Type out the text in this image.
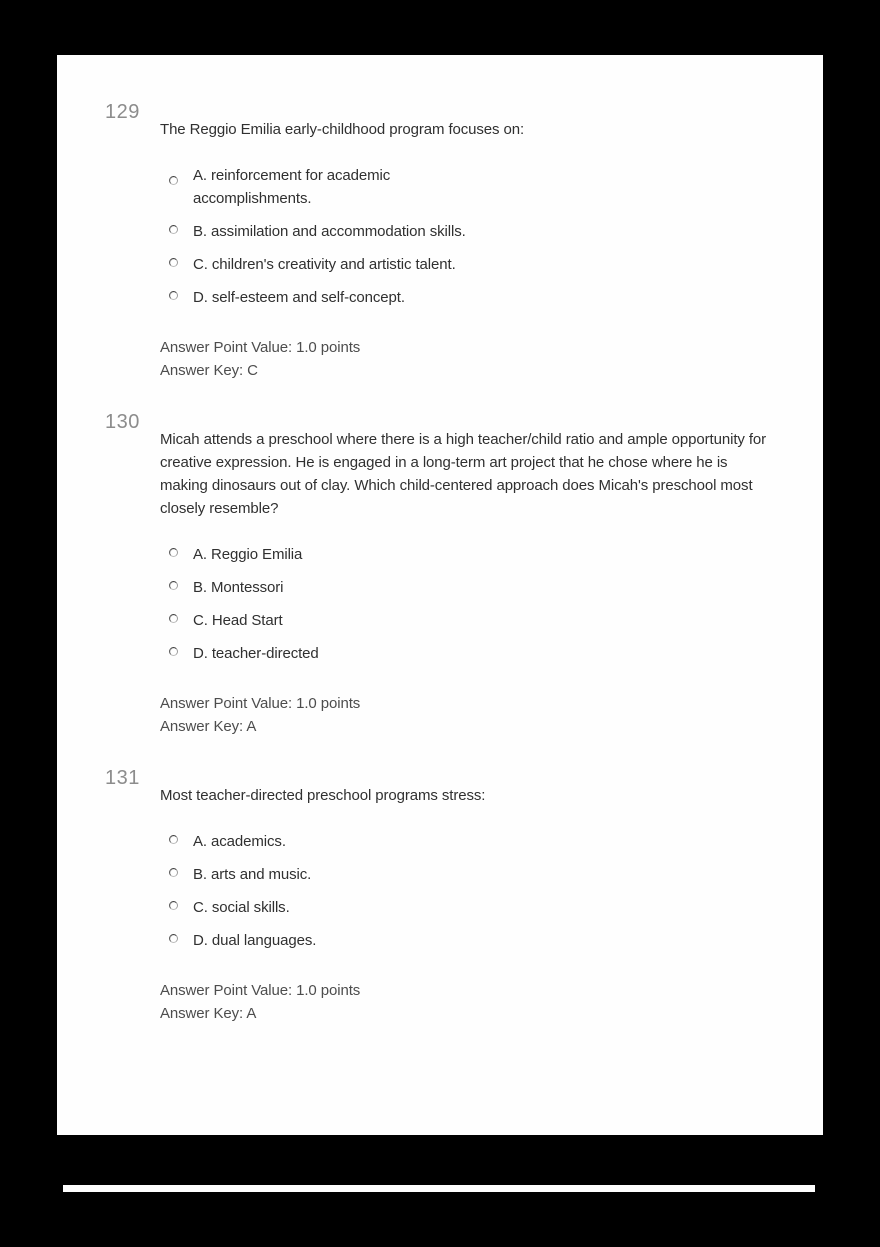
129

The Reggio Emilia early-childhood program focuses on:

A. reinforcement for academic
accomplishments.
B. assimilation and accommodation skills.
C. children's creativity and artistic talent.
D. self-esteem and self-concept.

Answer Point Value: 1.0 points

Answer Key: C

130

Micah attends a preschool where there is a high teacher/child ratio and ample opportunity for
creative expression. He is engaged in a long-term art project that he chose where he is
making dinosaurs out of clay. Which child-centered approach does Micah's preschool most
closely resemble?

A. Reggio Emilia
B. Montessori
C. Head Start
D. teacher-directed

Answer Point Value: 1.0 points

Answer Key: A

131

Most teacher-directed preschool programs stress:

A. academics.
B. arts and music.
C. social skills.
D. dual languages.

Answer Point Value: 1.0 points

Answer Key: A
